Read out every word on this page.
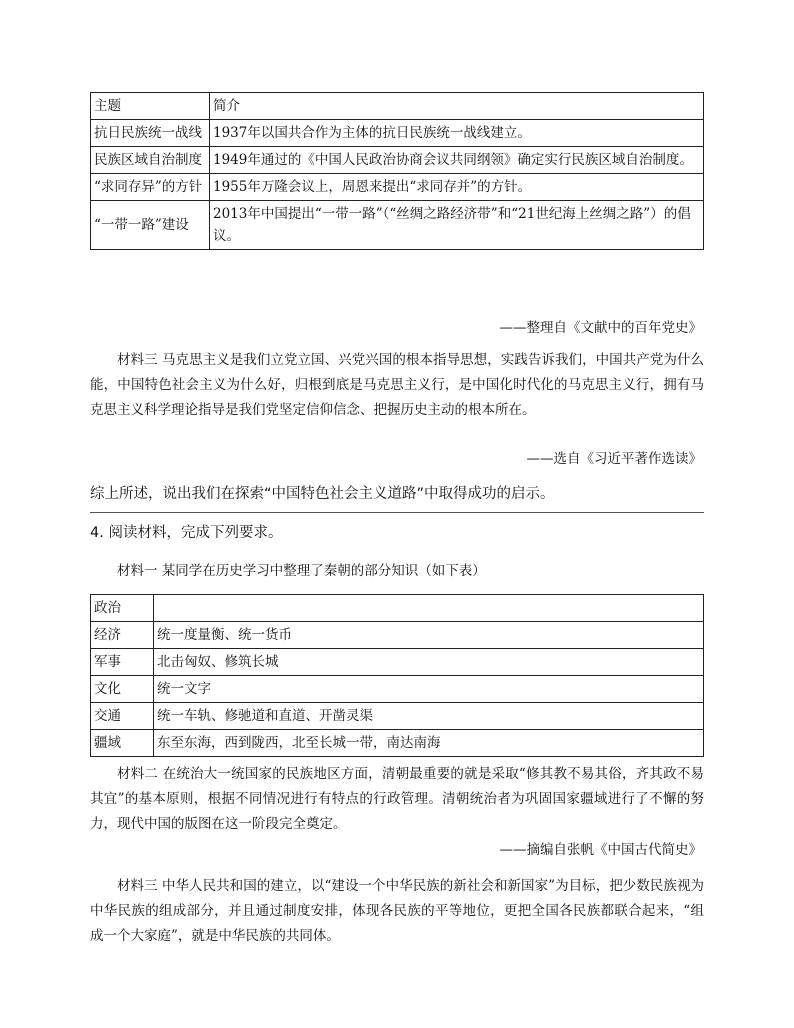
主题	简介
抗日民族统一战线	1937年以国共合作为主体的抗日民族统一战线建立。
民族区域自治制度	1949年通过的《中国人民政治协商会议共同纲领》确定实行民族区域自治制度。
“求同存异”的方针	1955年万隆会议上，周恩来提出“求同存并”的方针。
“一带一路”建设	2013年中国提出“一带一路”（“丝绸之路经济带”和“21世纪海上丝绸之路”）的倡议。
——整理自《文献中的百年党史》

材料三 马克思主义是我们立党立国、兴党兴国的根本指导思想，实践告诉我们，中国共产党为什么能，中国特色社会主义为什么好，归根到底是马克思主义行，是中国化时代化的马克思主义行，拥有马克思主义科学理论指导是我们党坚定信仰信念、把握历史主动的根本所在。

——选自《习近平著作选读》
综上所述，说出我们在探索“中国特色社会主义道路”中取得成功的启示。
4. 阅读材料，完成下列要求。

材料一 某同学在历史学习中整理了秦朝的部分知识（如下表）

政治	
经济	统一度量衡、统一货币
军事	北击匈奴、修筑长城
文化	统一文字
交通	统一车轨、修驰道和直道、开凿灵渠
疆域	东至东海，西到陇西，北至长城一带，南达南海

材料二 在统治大一统国家的民族地区方面，清朝最重要的就是采取“修其教不易其俗，齐其政不易其宜”的基本原则，根据不同情况进行有特点的行政管理。清朝统治者为巩固国家疆域进行了不懈的努力，现代中国的版图在这一阶段完全奠定。

——摘编自张帆《中国古代简史》

材料三 中华人民共和国的建立，以“建设一个中华民族的新社会和新国家”为目标，把少数民族视为中华民族的组成部分，并且通过制度安排，体现各民族的平等地位，更把全国各民族都联合起来，“组成一个大家庭”，就是中华民族的共同体。
